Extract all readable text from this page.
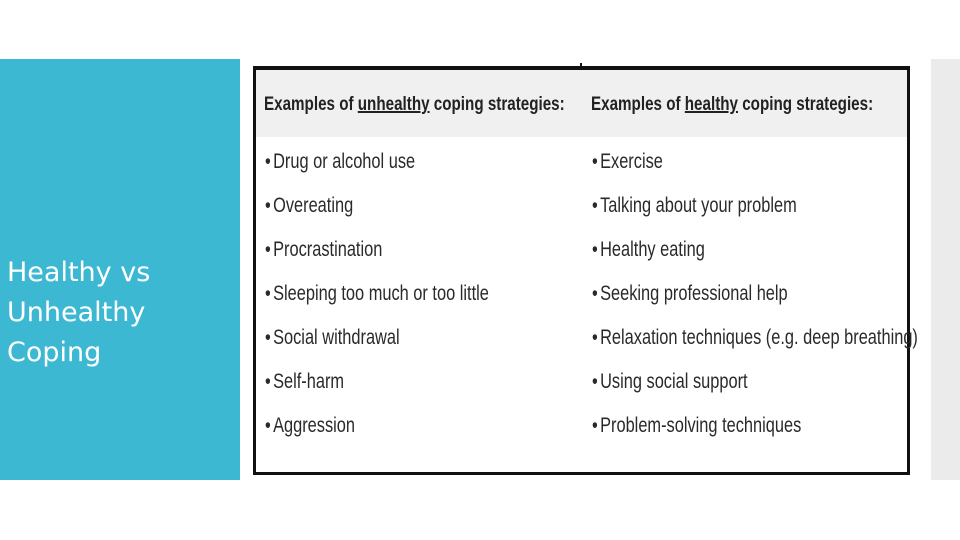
Healthy vs
Unhealthy
Coping
Examples of unhealthy coping strategies: Examples of healthy coping strategies:
• Drug or alcohol use
• Overeating
• Procrastination
• Sleeping too much or too little
• Social withdrawal
• Self-harm
• Aggression
• Exercise
• Talking about your problem
• Healthy eating
• Seeking professional help
• Relaxation techniques (e.g. deep breathing)
• Using social support
• Problem-solving techniques
